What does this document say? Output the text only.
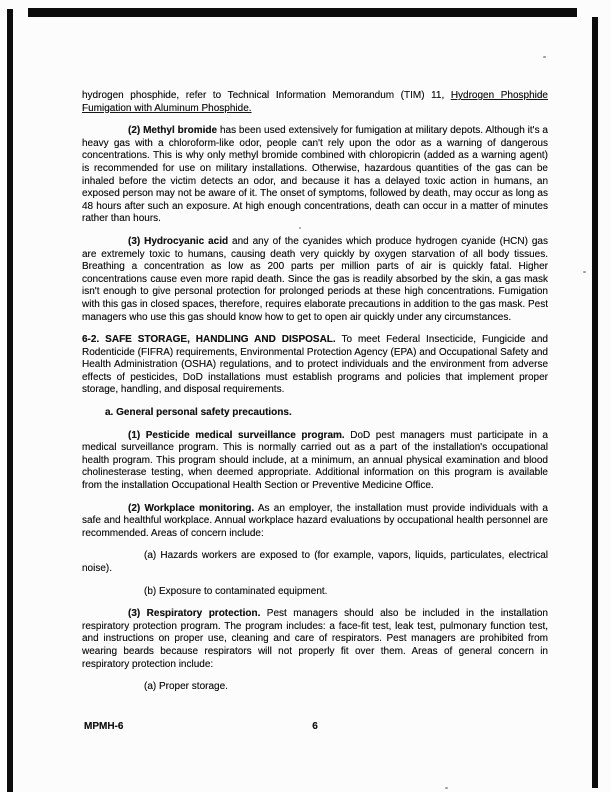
hydrogen phosphide, refer to Technical Information Memorandum (TIM) 11, Hydrogen Phosphide Fumigation with Aluminum Phosphide.

(2) Methyl bromide has been used extensively for fumigation at military depots. Although it's a heavy gas with a chloroform-like odor, people can't rely upon the odor as a warning of dangerous concentrations. This is why only methyl bromide combined with chloropicrin (added as a warning agent) is recommended for use on military installations. Otherwise, hazardous quantities of the gas can be inhaled before the victim detects an odor, and because it has a delayed toxic action in humans, an exposed person may not be aware of it. The onset of symptoms, followed by death, may occur as long as 48 hours after such an exposure. At high enough concentrations, death can occur in a matter of minutes rather than hours.

(3) Hydrocyanic acid and any of the cyanides which produce hydrogen cyanide (HCN) gas are extremely toxic to humans, causing death very quickly by oxygen starvation of all body tissues. Breathing a concentration as low as 200 parts per million parts of air is quickly fatal. Higher concentrations cause even more rapid death. Since the gas is readily absorbed by the skin, a gas mask isn't enough to give personal protection for prolonged periods at these high concentrations. Fumigation with this gas in closed spaces, therefore, requires elaborate precautions in addition to the gas mask. Pest managers who use this gas should know how to get to open air quickly under any circumstances.

6-2. SAFE STORAGE, HANDLING AND DISPOSAL. To meet Federal Insecticide, Fungicide and Rodenticide (FIFRA) requirements, Environmental Protection Agency (EPA) and Occupational Safety and Health Administration (OSHA) regulations, and to protect individuals and the environment from adverse effects of pesticides, DoD installations must establish programs and policies that implement proper storage, handling, and disposal requirements.

a. General personal safety precautions.

(1) Pesticide medical surveillance program. DoD pest managers must participate in a medical surveillance program. This is normally carried out as a part of the installation's occupational health program. This program should include, at a minimum, an annual physical examination and blood cholinesterase testing, when deemed appropriate. Additional information on this program is available from the installation Occupational Health Section or Preventive Medicine Office.

(2) Workplace monitoring. As an employer, the installation must provide individuals with a safe and healthful workplace. Annual workplace hazard evaluations by occupational health personnel are recommended. Areas of concern include:

(a) Hazards workers are exposed to (for example, vapors, liquids, particulates, electrical noise).

(b) Exposure to contaminated equipment.

(3) Respiratory protection. Pest managers should also be included in the installation respiratory protection program. The program includes: a face-fit test, leak test, pulmonary function test, and instructions on proper use, cleaning and care of respirators. Pest managers are prohibited from wearing beards because respirators will not properly fit over them. Areas of general concern in respiratory protection include:

(a) Proper storage.

MPMH-6	6
